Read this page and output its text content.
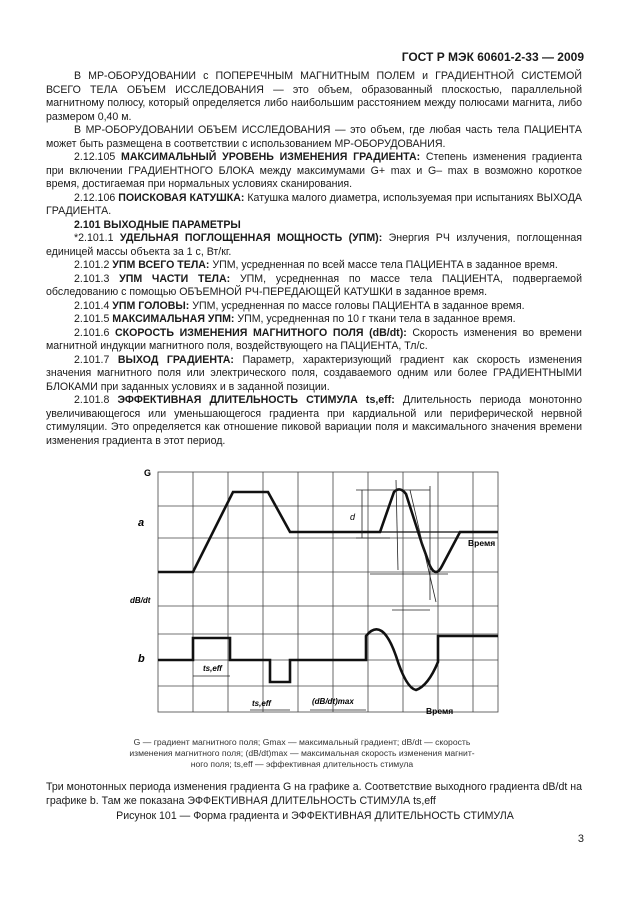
ГОСТ Р МЭК 60601-2-33 — 2009

В МР-ОБОРУДОВАНИИ с ПОПЕРЕЧНЫМ МАГНИТНЫМ ПОЛЕМ и ГРАДИЕНТНОЙ СИСТЕМОЙ ВСЕГО ТЕЛА ОБЪЕМ ИССЛЕДОВАНИЯ — это объем, образованный плоскостью, параллельной магнитному полюсу, который определяется либо наибольшим расстоянием между полюсами магнита, либо размером 0,40 м.

В МР-ОБОРУДОВАНИИ ОБЪЕМ ИССЛЕДОВАНИЯ — это объем, где любая часть тела ПАЦИЕНТА может быть размещена в соответствии с использованием МР-ОБОРУДОВАНИЯ.

2.12.105 МАКСИМАЛЬНЫЙ УРОВЕНЬ ИЗМЕНЕНИЯ ГРАДИЕНТА: Степень изменения градиента при включении ГРАДИЕНТНОГО БЛОКА между максимумами G+ max и G– max в возможно короткое время, достигаемая при нормальных условиях сканирования.

2.12.106 ПОИСКОВАЯ КАТУШКА: Катушка малого диаметра, используемая при испытаниях ВЫХОДА ГРАДИЕНТА.

2.101 ВЫХОДНЫЕ ПАРАМЕТРЫ

*2.101.1 УДЕЛЬНАЯ ПОГЛОЩЕННАЯ МОЩНОСТЬ (УПМ): Энергия РЧ излучения, поглощенная единицей массы объекта за 1 с, Вт/кг.

2.101.2 УПМ ВСЕГО ТЕЛА: УПМ, усредненная по всей массе тела ПАЦИЕНТА в заданное время.

2.101.3 УПМ ЧАСТИ ТЕЛА: УПМ, усредненная по массе тела ПАЦИЕНТА, подвергаемой обследованию с помощью ОБЪЕМНОЙ РЧ-ПЕРЕДАЮЩЕЙ КАТУШКИ в заданное время.

2.101.4 УПМ ГОЛОВЫ: УПМ, усредненная по массе головы ПАЦИЕНТА в заданное время.

2.101.5 МАКСИМАЛЬНАЯ УПМ: УПМ, усредненная по 10 г ткани тела в заданное время.

2.101.6 СКОРОСТЬ ИЗМЕНЕНИЯ МАГНИТНОГО ПОЛЯ (dB/dt): Скорость изменения во времени магнитной индукции магнитного поля, воздействующего на ПАЦИЕНТА, Тл/с.

2.101.7 ВЫХОД ГРАДИЕНТА: Параметр, характеризующий градиент как скорость изменения значения магнитного поля или электрического поля, создаваемого одним или более ГРАДИЕНТНЫМИ БЛОКАМИ при заданных условиях и в заданной позиции.

2.101.8 ЭФФЕКТИВНАЯ ДЛИТЕЛЬНОСТЬ СТИМУЛА ts,eff: Длительность периода монотонно увеличивающегося или уменьшающегося градиента при кардиальной или периферической нервной стимуляции. Это определяется как отношение пиковой вариации поля и максимального значения времени изменения градиента в этот период.

d
G
a
dB/dt
b
Время
Время
ts,eff
ts,eff	(dB/dt)max
G — градиент магнитного поля; Gmax — максимальный градиент; dB/dt — скорость
изменения магнитного поля; (dB/dt)max — максимальная скорость изменения магнит-
ного поля; ts,eff — эффективная длительность стимула
Три монотонных периода изменения градиента G на графике a. Соответствие выходного градиента dB/dt на графике b. Там же показана ЭФФЕКТИВНАЯ ДЛИТЕЛЬНОСТЬ СТИМУЛА ts,eff
Рисунок 101 — Форма градиента и ЭФФЕКТИВНАЯ ДЛИТЕЛЬНОСТЬ СТИМУЛА
3
